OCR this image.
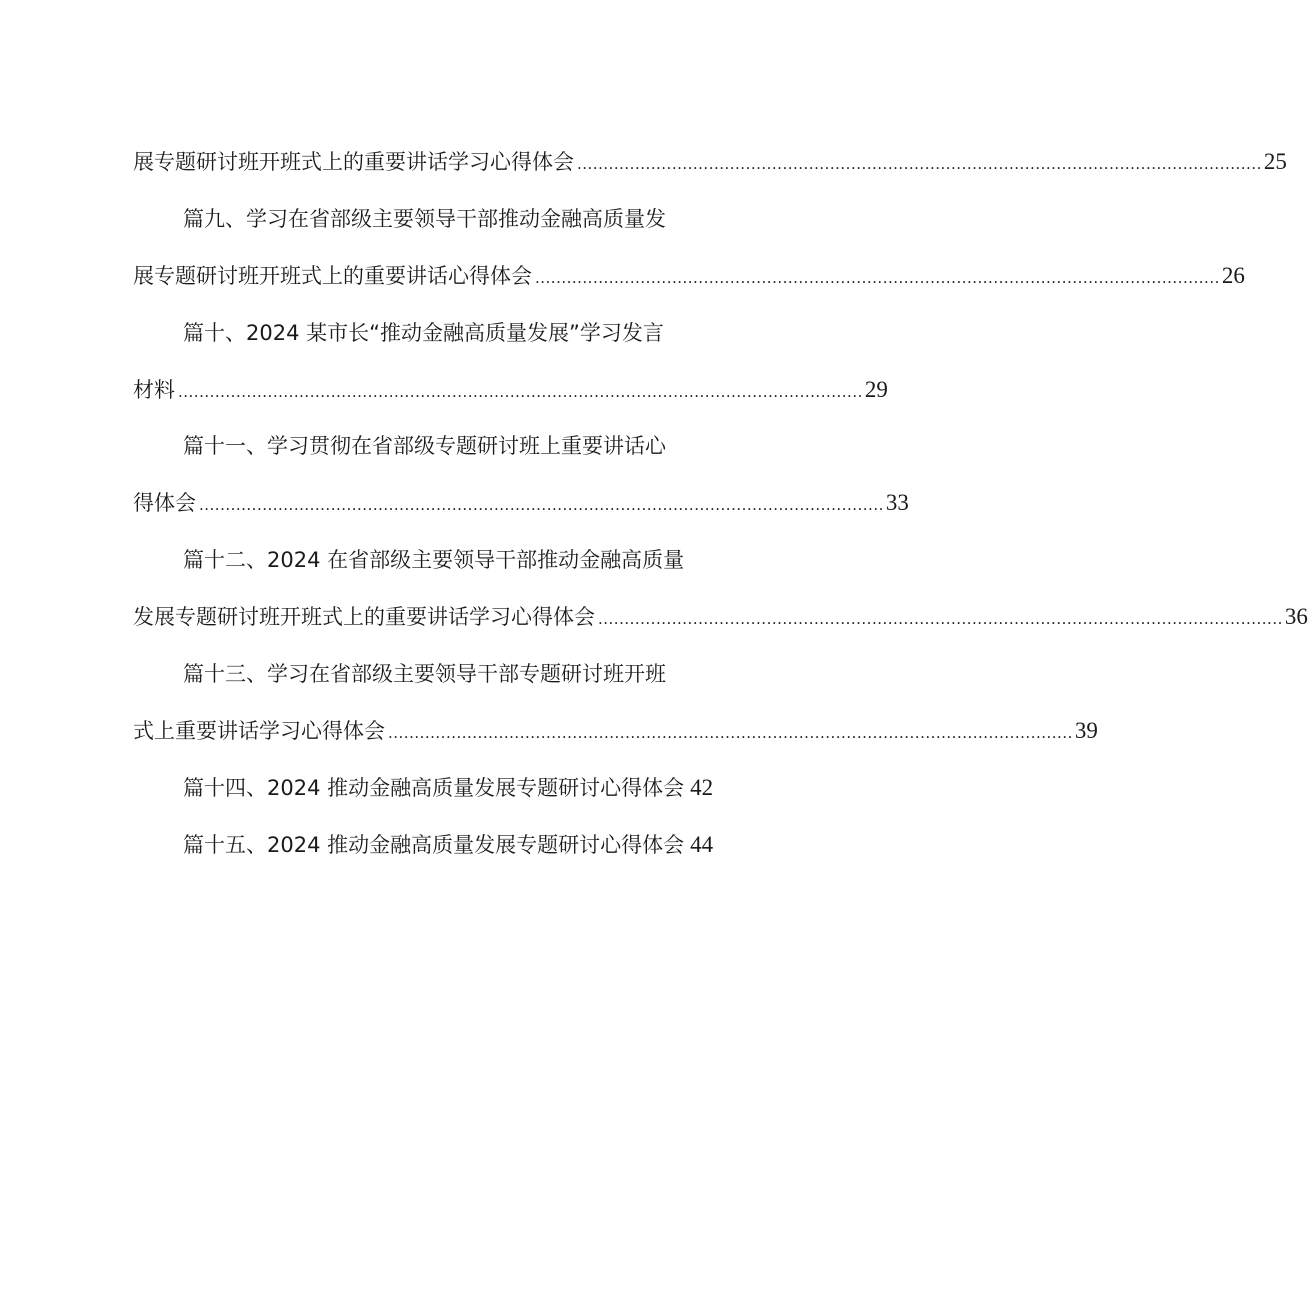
展专题研讨班开班式上的重要讲话学习心得体会 .................................................................................................................................. 25
篇九、学习在省部级主要领导干部推动金融高质量发
展专题研讨班开班式上的重要讲话心得体会 .................................................................................................................................. 26
篇十、2024 某市长“推动金融高质量发展”学习发言
材料 .................................................................................................................................. 29
篇十一、学习贯彻在省部级专题研讨班上重要讲话心
得体会 .................................................................................................................................. 33
篇十二、2024 在省部级主要领导干部推动金融高质量
发展专题研讨班开班式上的重要讲话学习心得体会 .................................................................................................................................. 36
篇十三、学习在省部级主要领导干部专题研讨班开班
式上重要讲话学习心得体会 .................................................................................................................................. 39
篇十四、2024 推动金融高质量发展专题研讨心得体会 42
篇十五、2024 推动金融高质量发展专题研讨心得体会 44
